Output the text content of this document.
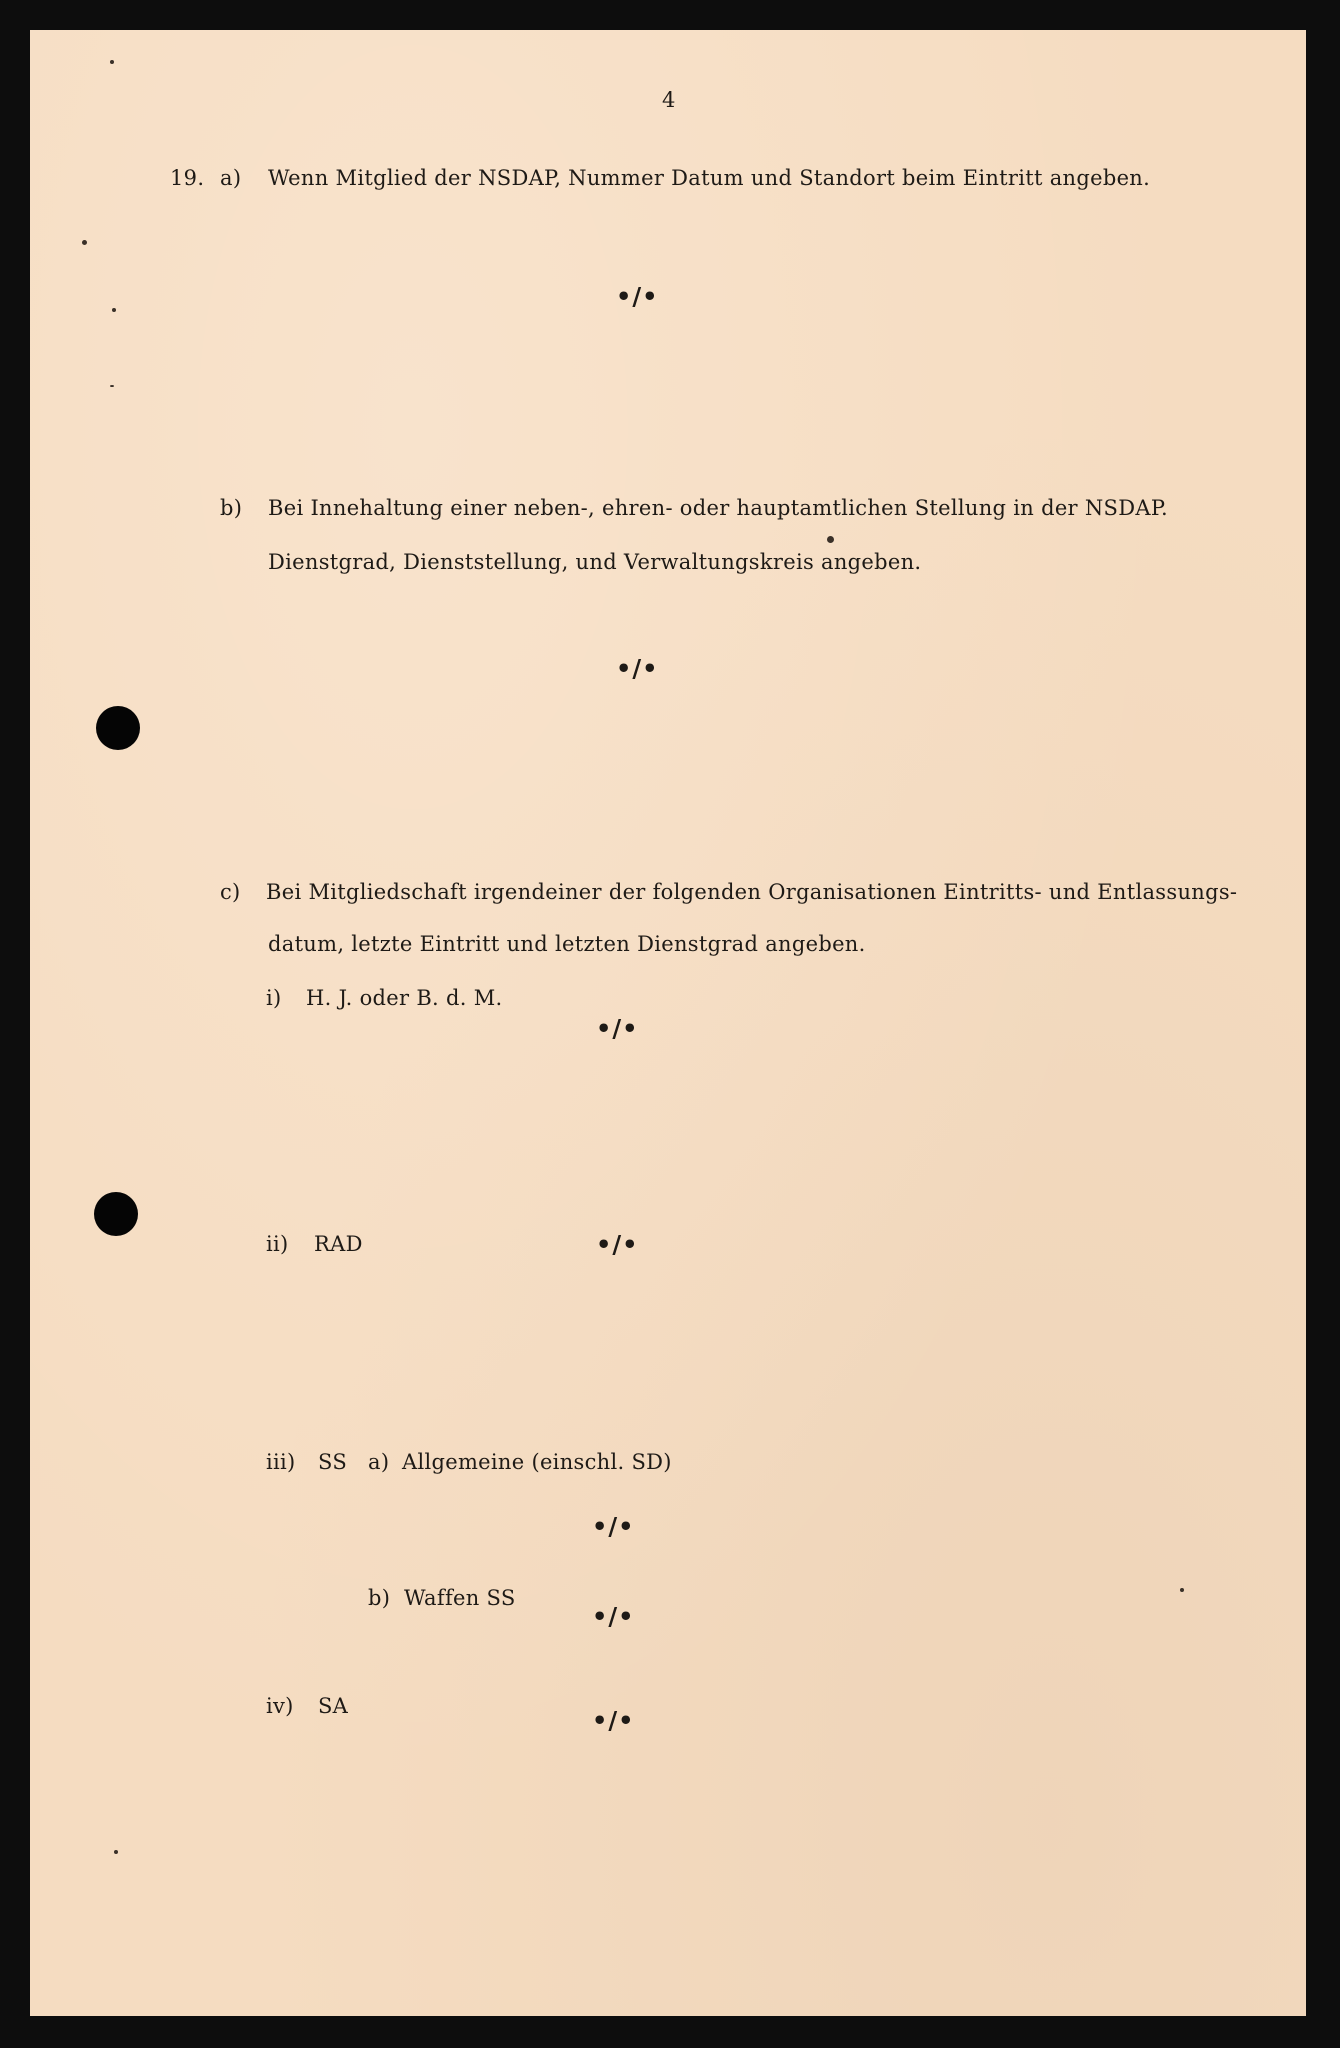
4
19. a) Wenn Mitglied der NSDAP, Nummer Datum und Standort beim Eintritt angeben.
•/•
b) Bei Innehaltung einer neben-, ehren- oder hauptamtlichen Stellung in der NSDAP.
Dienstgrad, Dienststellung, und Verwaltungskreis angeben.
•/•
c) Bei Mitgliedschaft irgendeiner der folgenden Organisationen Eintritts- und Entlassungs-
datum, letzte Eintritt und letzten Dienstgrad angeben.
i) H. J. oder B. d. M.
•/•
ii) RAD	•/•
iii) SS a) Allgemeine (einschl. SD)
•/•
b) Waffen SS
•/•
iv) SA	•/•
